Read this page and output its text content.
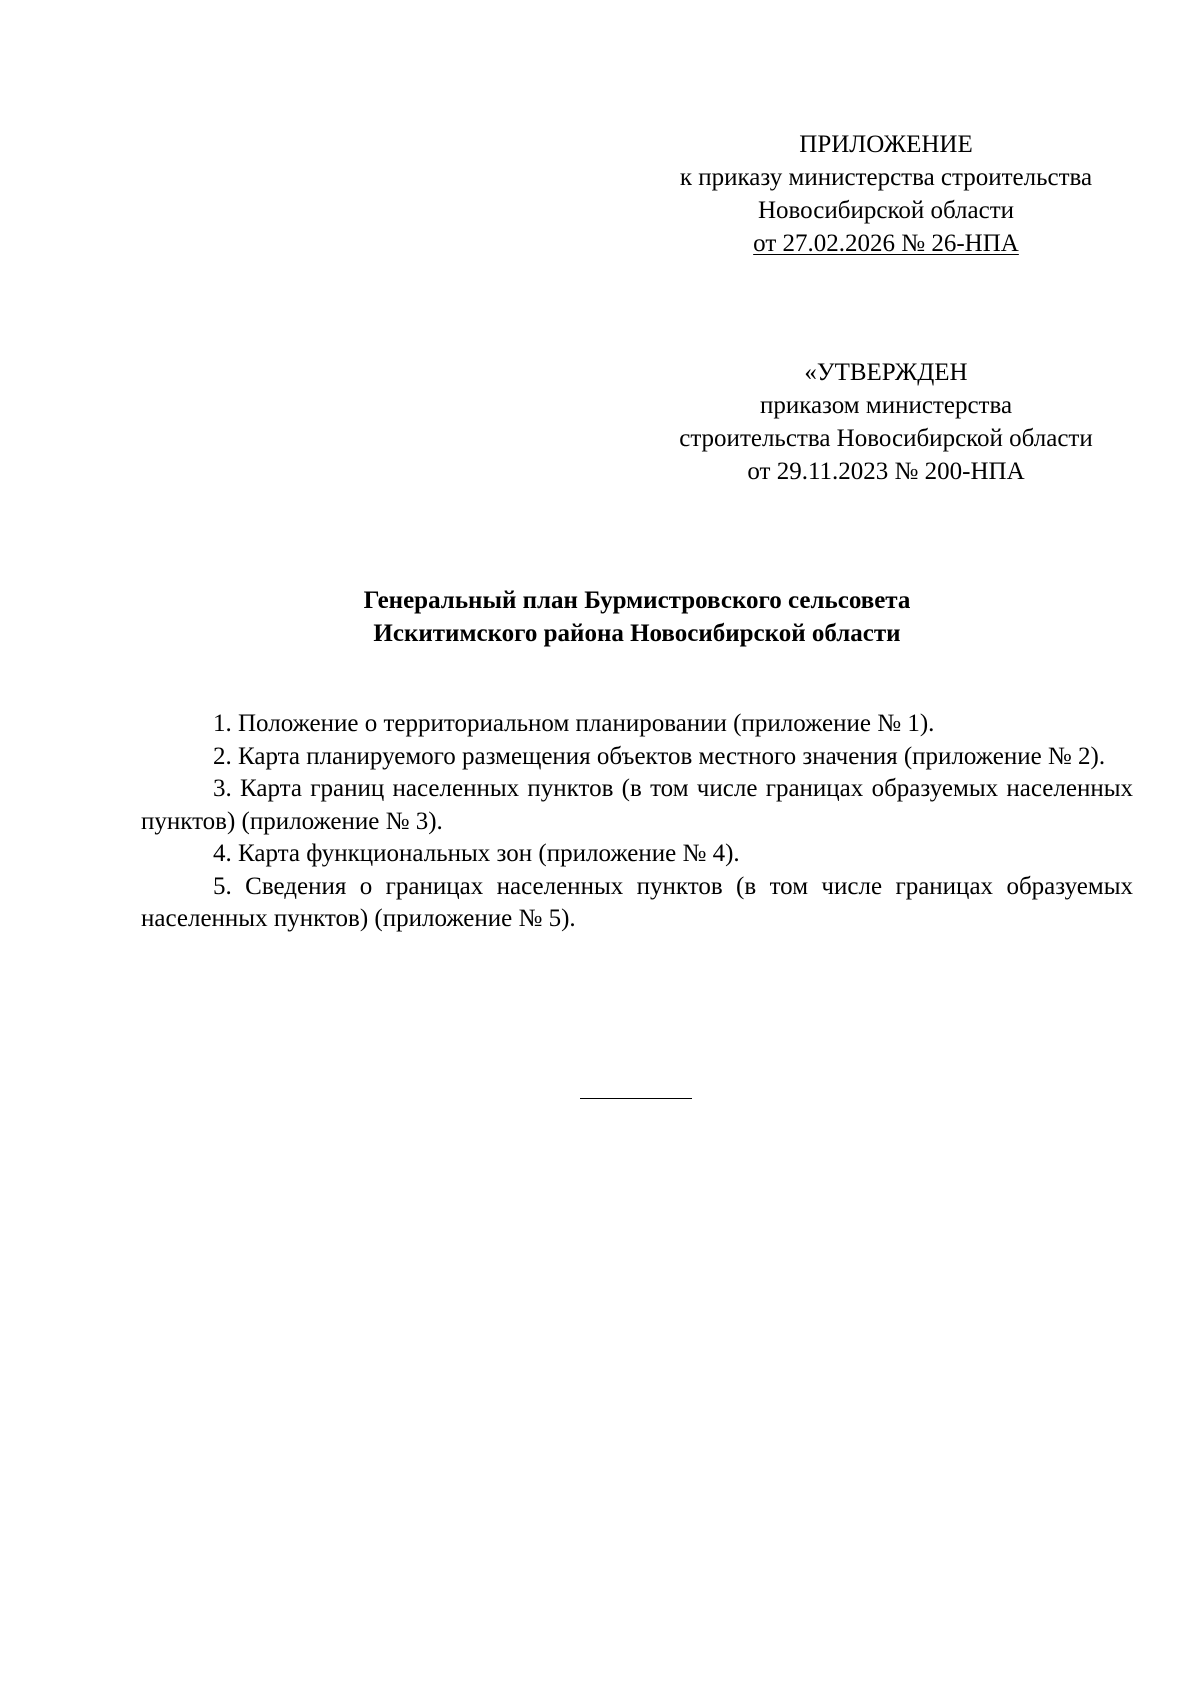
ПРИЛОЖЕНИЕ
к приказу министерства строительства
Новосибирской области
от 27.02.2026 № 26-НПА
«УТВЕРЖДЕН
приказом министерства
строительства Новосибирской области
от 29.11.2023 № 200-НПА
Генеральный план Бурмистровского сельсовета
Искитимского района Новосибирской области
1. Положение о территориальном планировании (приложение № 1).
2. Карта планируемого размещения объектов местного значения (приложение № 2).
3. Карта границ населенных пунктов (в том числе границах образуемых населенных пунктов) (приложение № 3).
4. Карта функциональных зон (приложение № 4).
5. Сведения о границах населенных пунктов (в том числе границах образуемых населенных пунктов) (приложение № 5).
